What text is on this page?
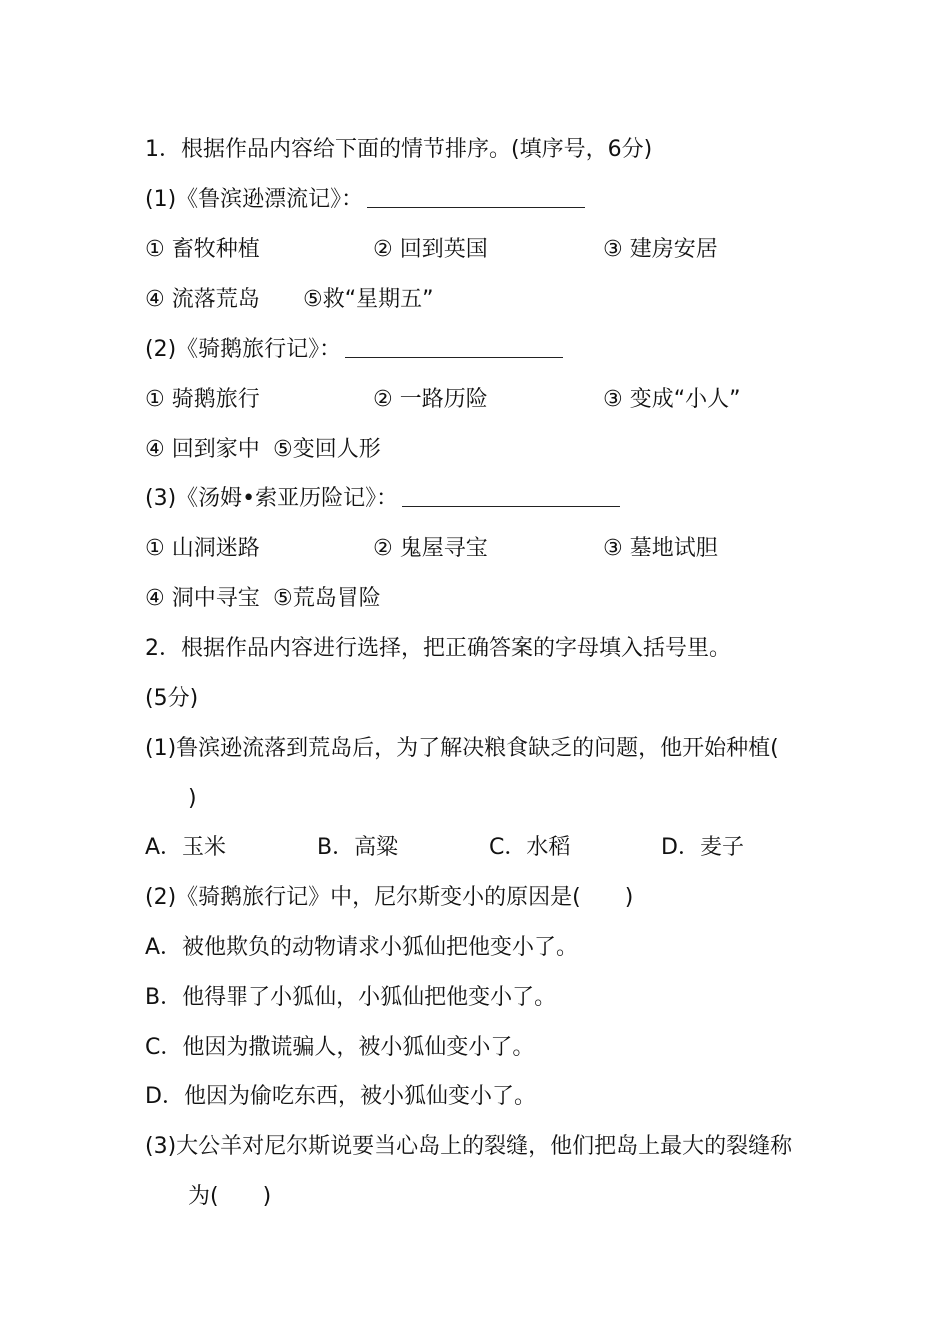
1．根据作品内容给下面的情节排序。(填序号，6分)
(1)《鲁滨逊漂流记》：
① 畜牧种植	② 回到英国	③ 建房安居
④ 流落荒岛 ⑤救“星期五”
(2)《骑鹅旅行记》：
① 骑鹅旅行	② 一路历险	③ 变成“小人”
④ 回到家中 ⑤变回人形
(3)《汤姆•索亚历险记》：
① 山洞迷路	② 鬼屋寻宝	③ 墓地试胆
④ 洞中寻宝 ⑤荒岛冒险
2．根据作品内容进行选择，把正确答案的字母填入括号里。
(5分)
(1)鲁滨逊流落到荒岛后，为了解决粮食缺乏的问题，他开始种植(
)
A．玉米	B．高粱	C．水稻	D．麦子
(2)《骑鹅旅行记》中，尼尔斯变小的原因是(　　)
A．被他欺负的动物请求小狐仙把他变小了。
B．他得罪了小狐仙，小狐仙把他变小了。
C．他因为撒谎骗人，被小狐仙变小了。
D．他因为偷吃东西，被小狐仙变小了。
(3)大公羊对尼尔斯说要当心岛上的裂缝，他们把岛上最大的裂缝称
为(　　)
